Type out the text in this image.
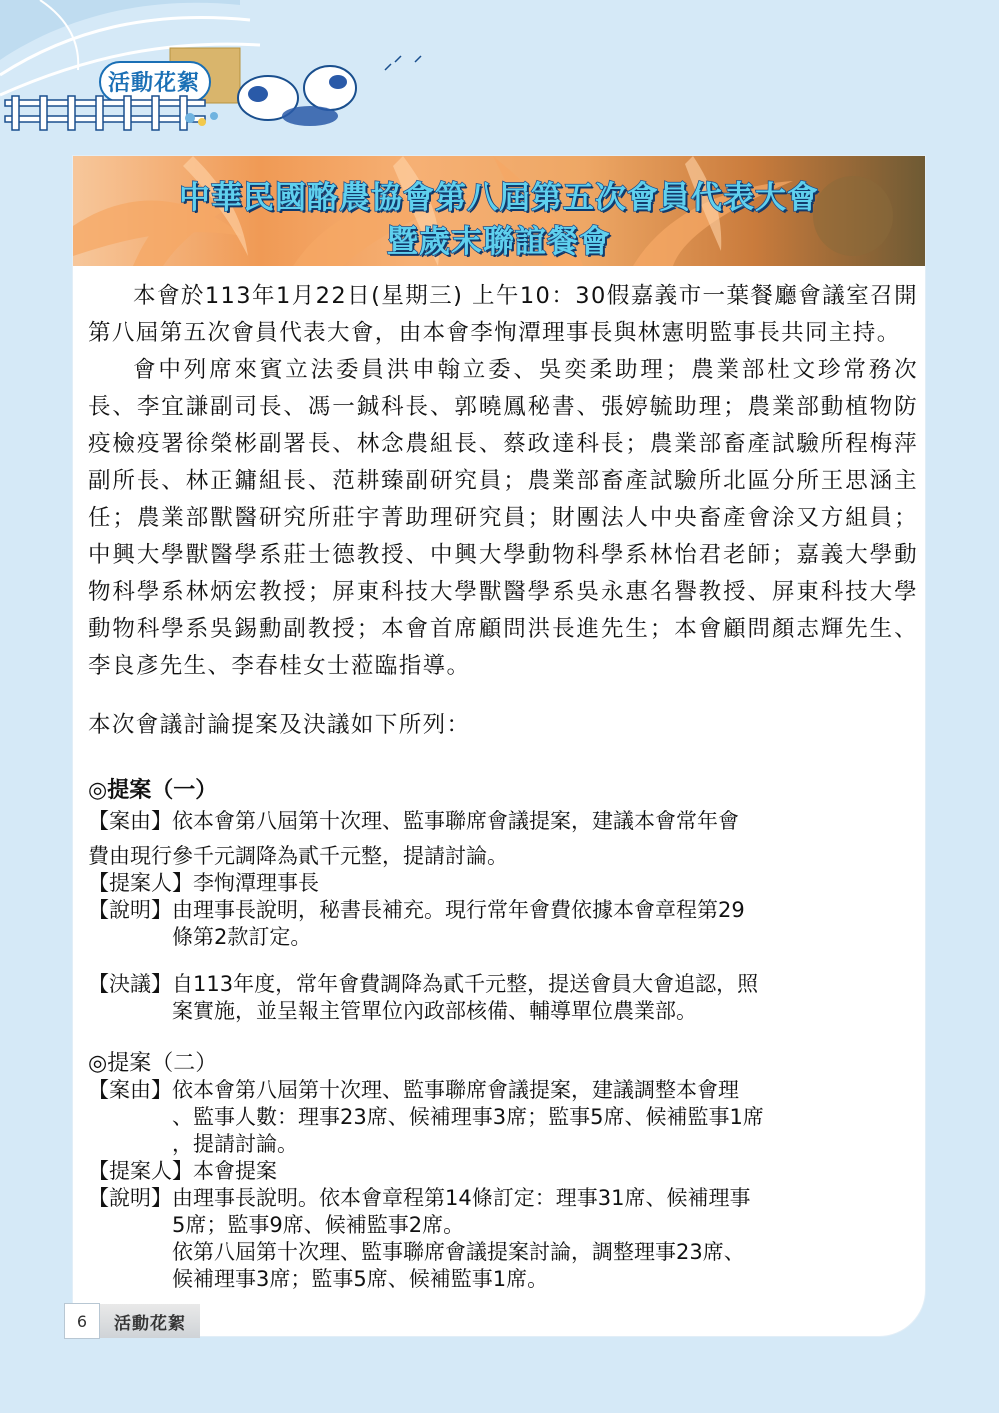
活動花絮
中華民國酪農協會第八屆第五次會員代表大會
暨歲末聯誼餐會

本會於113年1月22日(星期三) 上午10：30假嘉義市一葉餐廳會議室召開第八屆第五次會員代表大會，由本會李恂潭理事長與林憲明監事長共同主持。

會中列席來賓立法委員洪申翰立委、吳奕柔助理；農業部杜文珍常務次長、李宜謙副司長、馮一鋮科長、郭曉鳳秘書、張婷毓助理；農業部動植物防疫檢疫署徐榮彬副署長、林念農組長、蔡政達科長；農業部畜產試驗所程梅萍副所長、林正鏞組長、范耕臻副研究員；農業部畜產試驗所北區分所王思涵主任；農業部獸醫研究所莊宇菁助理研究員；財團法人中央畜產會涂又方組員；中興大學獸醫學系莊士德教授、中興大學動物科學系林怡君老師；嘉義大學動物科學系林炳宏教授；屏東科技大學獸醫學系吳永惠名譽教授、屏東科技大學動物科學系吳錫勳副教授；本會首席顧問洪長進先生；本會顧問顏志輝先生、李良彥先生、李春桂女士蒞臨指導。

本次會議討論提案及決議如下所列：

◎提案（一）
【案由】 依本會第八屆第十次理、監事聯席會議提案，建議本會常年會
費由現行參千元調降為貳千元整，提請討論。
【提案人】 李恂潭理事長
【說明】 由理事長說明，秘書長補充。現行常年會費依據本會章程第29
條第2款訂定。
【決議】 自113年度，常年會費調降為貳千元整，提送會員大會追認，照
案實施，並呈報主管單位內政部核備、輔導單位農業部。
◎提案（二）
【案由】 依本會第八屆第十次理、監事聯席會議提案，建議調整本會理
、監事人數：理事23席、候補理事3席；監事5席、候補監事1席
，提請討論。
【提案人】 本會提案
【說明】 由理事長說明。依本會章程第14條訂定：理事31席、候補理事
5席；監事9席、候補監事2席。
依第八屆第十次理、監事聯席會議提案討論，調整理事23席、
候補理事3席；監事5席、候補監事1席。
6	活動花絮
